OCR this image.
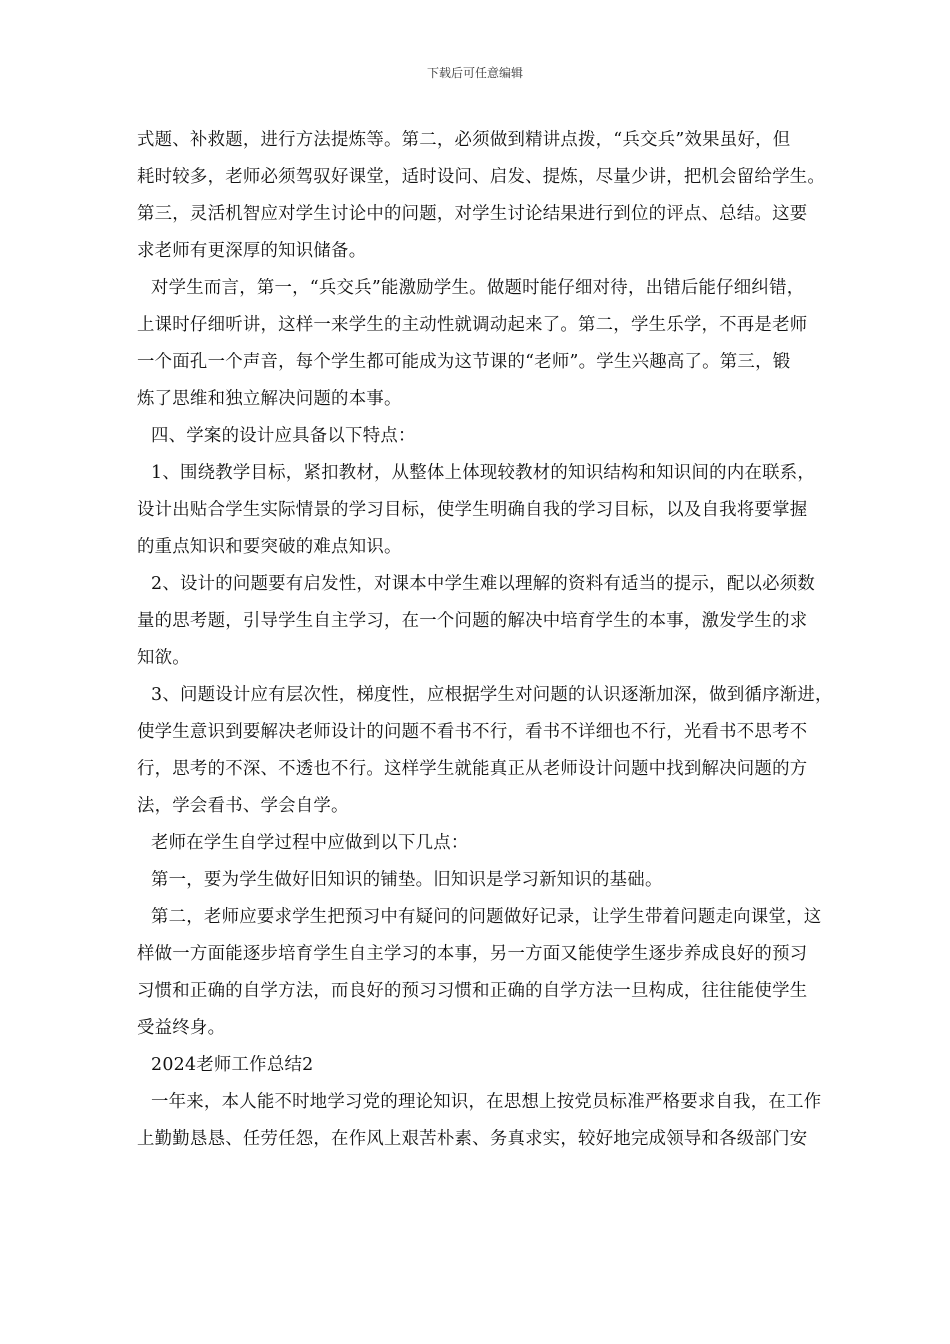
下载后可任意编辑

式题、补救题，进行方法提炼等。第二，必须做到精讲点拨，“兵交兵”效果虽好，但

耗时较多，老师必须驾驭好课堂，适时设问、启发、提炼，尽量少讲，把机会留给学生。

第三，灵活机智应对学生讨论中的问题，对学生讨论结果进行到位的评点、总结。这要

求老师有更深厚的知识储备。

对学生而言，第一，“兵交兵”能激励学生。做题时能仔细对待，出错后能仔细纠错，

上课时仔细听讲，这样一来学生的主动性就调动起来了。第二，学生乐学，不再是老师

一个面孔一个声音，每个学生都可能成为这节课的“老师”。学生兴趣高了。第三，锻

炼了思维和独立解决问题的本事。

四、学案的设计应具备以下特点：

1、围绕教学目标，紧扣教材，从整体上体现较教材的知识结构和知识间的内在联系，

设计出贴合学生实际情景的学习目标，使学生明确自我的学习目标，以及自我将要掌握

的重点知识和要突破的难点知识。

2、设计的问题要有启发性，对课本中学生难以理解的资料有适当的提示，配以必须数

量的思考题，引导学生自主学习，在一个问题的解决中培育学生的本事，激发学生的求

知欲。

3、问题设计应有层次性，梯度性，应根据学生对问题的认识逐渐加深，做到循序渐进，

使学生意识到要解决老师设计的问题不看书不行，看书不详细也不行，光看书不思考不

行，思考的不深、不透也不行。这样学生就能真正从老师设计问题中找到解决问题的方

法，学会看书、学会自学。

老师在学生自学过程中应做到以下几点：

第一，要为学生做好旧知识的铺垫。旧知识是学习新知识的基础。

第二，老师应要求学生把预习中有疑问的问题做好记录，让学生带着问题走向课堂，这

样做一方面能逐步培育学生自主学习的本事，另一方面又能使学生逐步养成良好的预习

习惯和正确的自学方法，而良好的预习习惯和正确的自学方法一旦构成，往往能使学生

受益终身。

2024老师工作总结2

一年来，本人能不时地学习党的理论知识，在思想上按党员标准严格要求自我，在工作

上勤勤恳恳、任劳任怨，在作风上艰苦朴素、务真求实，较好地完成领导和各级部门安
